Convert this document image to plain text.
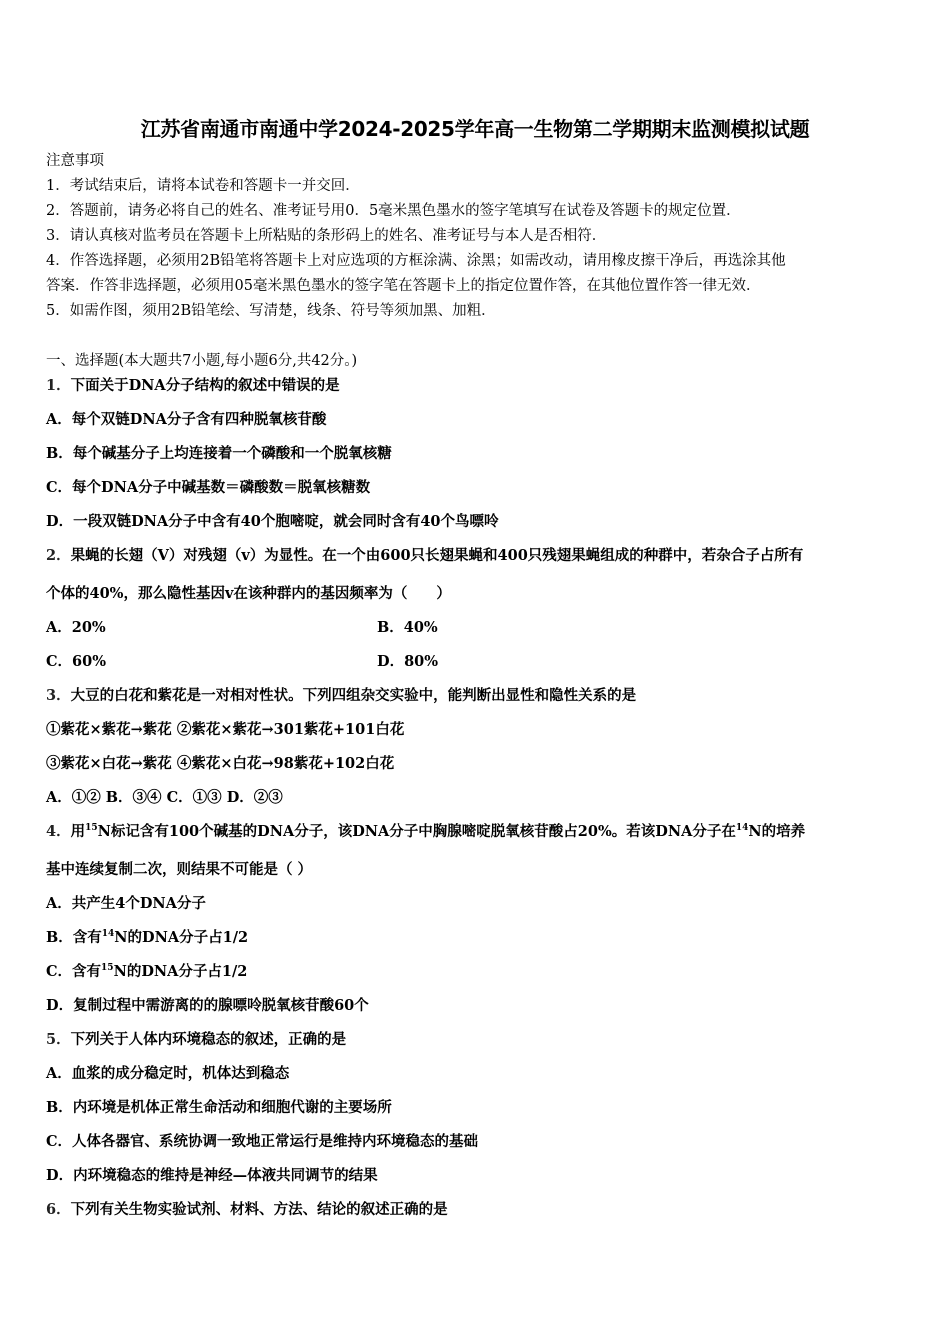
江苏省南通市南通中学2024-2025学年高一生物第二学期期末监测模拟试题
注意事项
1．考试结束后，请将本试卷和答题卡一并交回．
2．答题前，请务必将自己的姓名、准考证号用0．5毫米黑色墨水的签字笔填写在试卷及答题卡的规定位置．
3．请认真核对监考员在答题卡上所粘贴的条形码上的姓名、准考证号与本人是否相符．
4．作答选择题，必须用2B铅笔将答题卡上对应选项的方框涂满、涂黑；如需改动，请用橡皮擦干净后，再选涂其他
答案．作答非选择题，必须用05毫米黑色墨水的签字笔在答题卡上的指定位置作答，在其他位置作答一律无效．
5．如需作图，须用2B铅笔绘、写清楚，线条、符号等须加黑、加粗．
一、选择题(本大题共7小题,每小题6分,共42分。)
1．下面关于DNA分子结构的叙述中错误的是
A．每个双链DNA分子含有四种脱氧核苷酸
B．每个碱基分子上均连接着一个磷酸和一个脱氧核糖
C．每个DNA分子中碱基数＝磷酸数＝脱氧核糖数
D．一段双链DNA分子中含有40个胞嘧啶，就会同时含有40个鸟嘌呤
2．果蝇的长翅（V）对残翅（v）为显性。在一个由600只长翅果蝇和400只残翅果蝇组成的种群中，若杂合子占所有
个体的40%，那么隐性基因v在该种群内的基因频率为（　　）
A．20%	B．40%
C．60%	D．80%
3．大豆的白花和紫花是一对相对性状。下列四组杂交实验中，能判断出显性和隐性关系的是
①紫花×紫花→紫花 ②紫花×紫花→301紫花+101白花
③紫花×白花→紫花 ④紫花×白花→98紫花+102白花
A．①② B．③④ C．①③ D．②③
4．用$^{15}$N标记含有100个碱基的DNA分子，该DNA分子中胸腺嘧啶脱氧核苷酸占20%。若该DNA分子在$^{14}$N的培养
基中连续复制二次，则结果不可能是（ ）
A．共产生4个DNA分子
B．含有$^{14}$N的DNA分子占1/2
C．含有$^{15}$N的DNA分子占1/2
D．复制过程中需游离的的腺嘌呤脱氧核苷酸60个
5．下列关于人体内环境稳态的叙述，正确的是
A．血浆的成分稳定时，机体达到稳态
B．内环境是机体正常生命活动和细胞代谢的主要场所
C．人体各器官、系统协调一致地正常运行是维持内环境稳态的基础
D．内环境稳态的维持是神经—体液共同调节的结果
6．下列有关生物实验试剂、材料、方法、结论的叙述正确的是
